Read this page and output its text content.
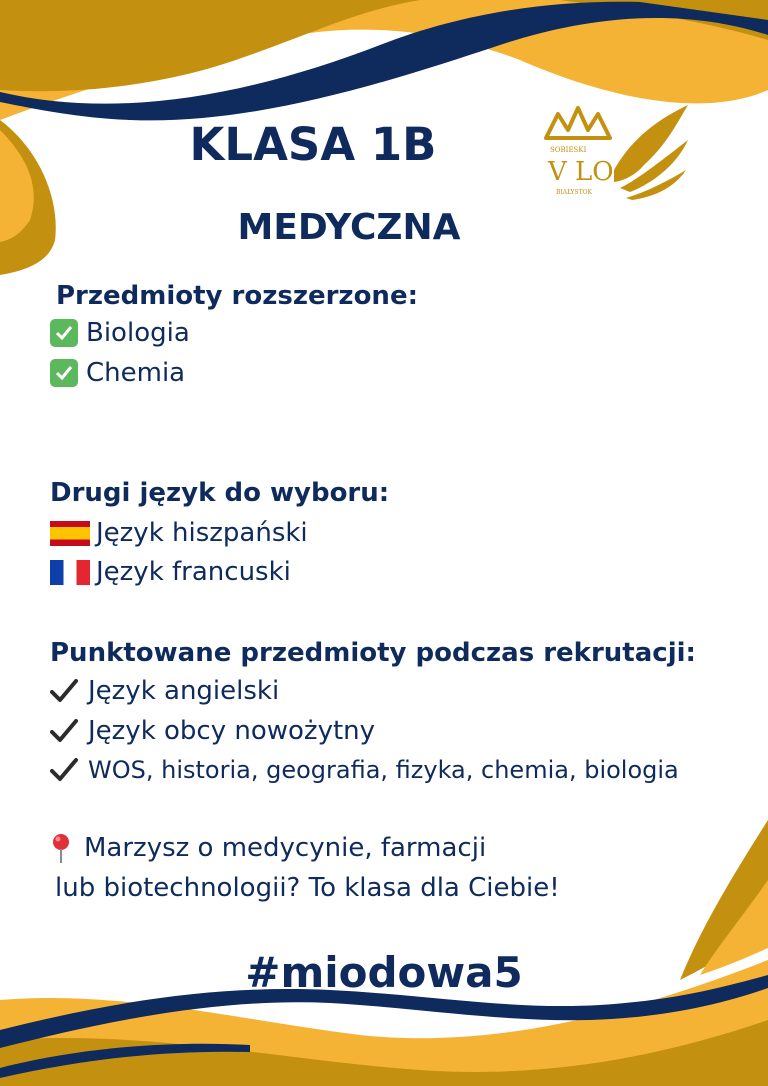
KLASA 1B
MEDYCZNA
SOBIESKI
V LO
BIAŁYSTOK
Przedmioty rozszerzone:
Biologia
Chemia
Drugi język do wyboru:
Język hiszpański
Język francuski
Punktowane przedmioty podczas rekrutacji:
Język angielski
Język obcy nowożytny
WOS, historia, geografia, fizyka, chemia, biologia
Marzysz o medycynie, farmacji
lub biotechnologii? To klasa dla Ciebie!
#miodowa5
